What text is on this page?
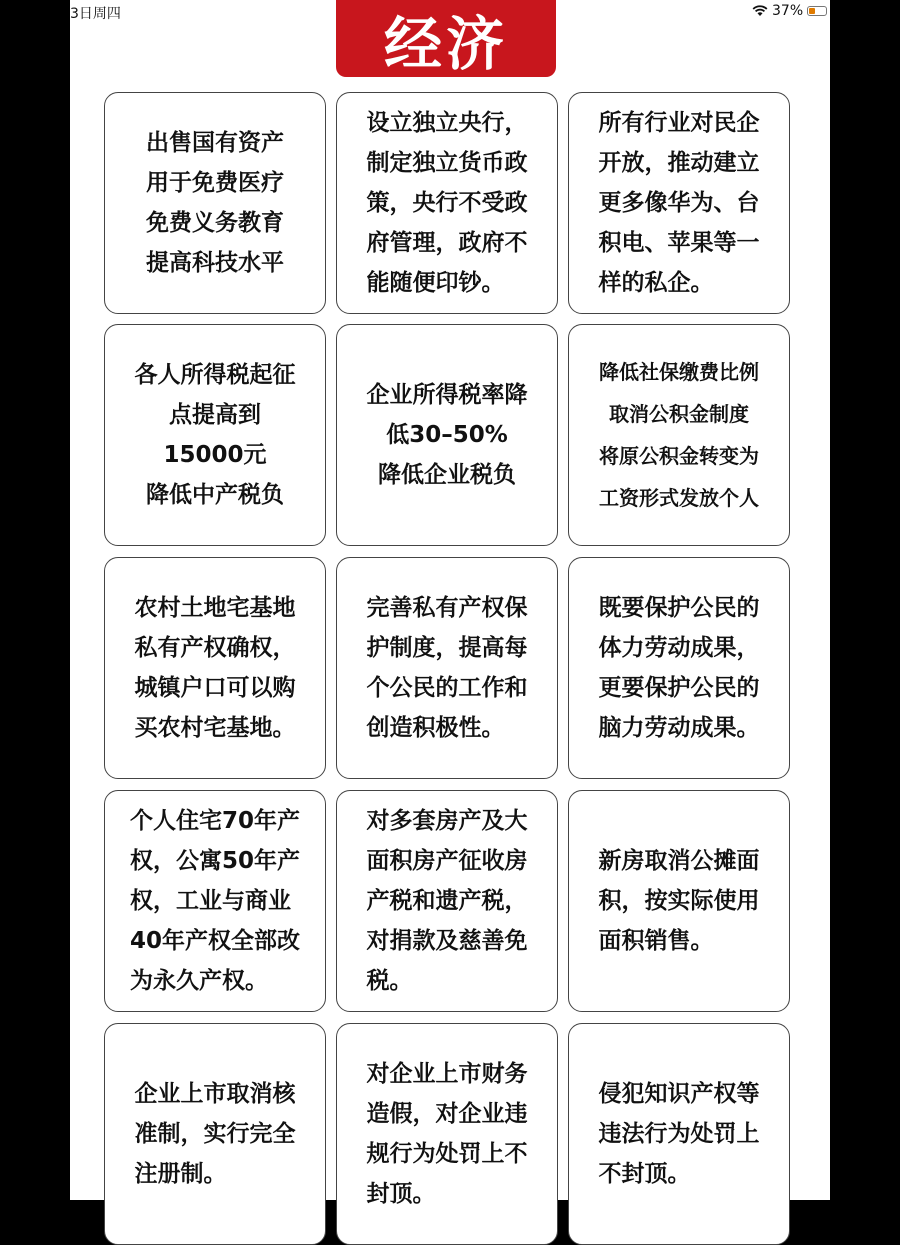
3日周四	37%
经济
出售国有资产
用于免费医疗
免费义务教育
提高科技水平
设立独立央行，
制定独立货币政
策，央行不受政
府管理，政府不
能随便印钞。
所有行业对民企
开放，推动建立
更多像华为、台
积电、苹果等一
样的私企。
各人所得税起征
点提高到
15000元
降低中产税负
企业所得税率降
低30–50%
降低企业税负
降低社保缴费比例
取消公积金制度
将原公积金转变为
工资形式发放个人
农村土地宅基地
私有产权确权，
城镇户口可以购
买农村宅基地。
完善私有产权保
护制度，提高每
个公民的工作和
创造积极性。
既要保护公民的
体力劳动成果，
更要保护公民的
脑力劳动成果。
个人住宅70年产
权，公寓50年产
权，工业与商业
40年产权全部改
为永久产权。
对多套房产及大
面积房产征收房
产税和遗产税，
对捐款及慈善免
税。
新房取消公摊面
积，按实际使用
面积销售。
企业上市取消核
准制，实行完全
注册制。
对企业上市财务
造假，对企业违
规行为处罚上不
封顶。
侵犯知识产权等
违法行为处罚上
不封顶。
